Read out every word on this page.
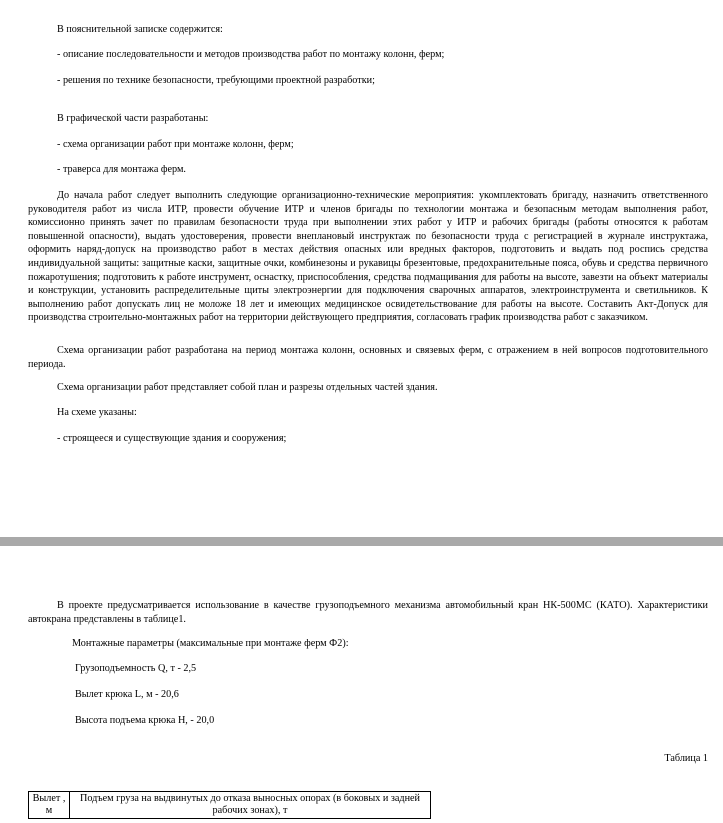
В пояснительной записке содержится:
- описание последовательности и методов производства работ по монтажу колонн, ферм;
- решения по технике безопасности, требующими проектной разработки;
В графической части разработаны:
- схема организации работ при монтаже колонн, ферм;
- траверса для монтажа ферм.
До начала работ следует выполнить следующие организационно-технические мероприятия: укомплектовать бригаду, назначить ответственного руководителя работ из числа ИТР, провести обучение ИТР и членов бригады по технологии монтажа и безопасным методам выполнения работ, комиссионно принять зачет по правилам безопасности труда при выполнении этих работ у ИТР и рабочих бригады (работы относятся к работам повышенной опасности), выдать удостоверения, провести внеплановый инструктаж по безопасности труда с регистрацией в журнале инструктажа, оформить наряд-допуск на производство работ в местах действия опасных или вредных факторов, подготовить и выдать под роспись средства индивидуальной защиты: защитные каски, защитные очки, комбинезоны и рукавицы брезентовые, предохранительные пояса, обувь и средства первичного пожаротушения; подготовить к работе инструмент, оснастку, приспособления, средства подмащивания для работы на высоте, завезти на объект материалы и конструкции, установить распределительные щиты электроэнергии для подключения сварочных аппаратов, электроинструмента и светильников. К выполнению работ допускать лиц не моложе 18 лет и имеющих медицинское освидетельствование для работы на высоте. Составить Акт-Допуск для производства строительно-монтажных работ на территории действующего предприятия, согласовать график производства работ с заказчиком.
Схема организации работ разработана на период монтажа колонн, основных и связевых ферм, с отражением в ней вопросов подготовительного периода.
Схема организации работ представляет собой план и разрезы отдельных частей здания.
На схеме указаны:
- строящееся и существующие здания и сооружения;
В проекте предусматривается использование в качестве грузоподъемного механизма автомобильный кран НК-500МС (КАТО). Характеристики автокрана представлены в таблице1.
Монтажные параметры (максимальные при монтаже ферм Ф2):
Грузоподъемность Q, т - 2,5
Вылет крюка L, м - 20,6
Высота подъема крюка H, - 20,0
Таблица 1
Вылет , м	Подъем груза на выдвинутых до отказа выносных опорах (в боковых и задней рабочих зонах), т
